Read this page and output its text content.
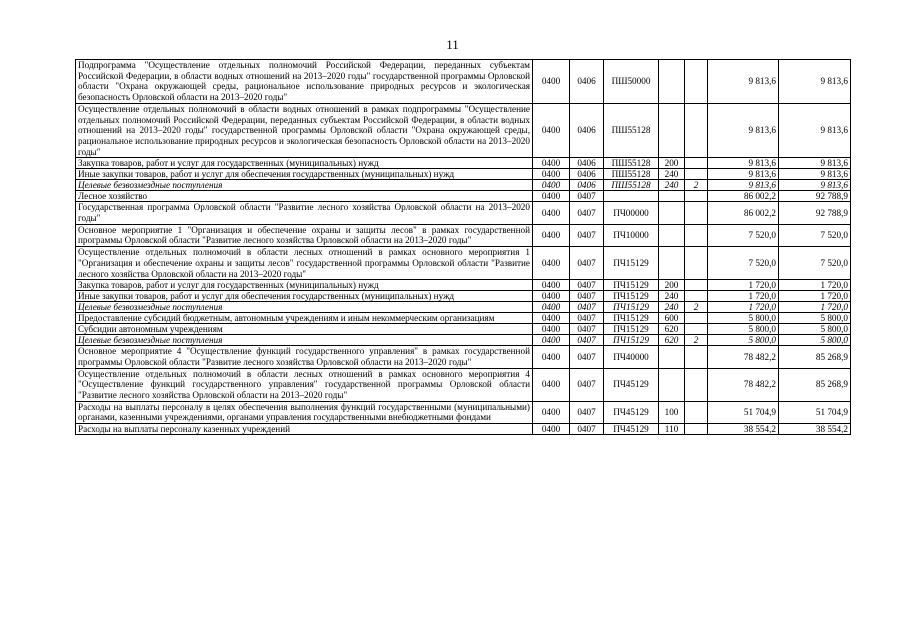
11
Подпрограмма "Осуществление отдельных полномочий Российской Федерации, переданных субъектам Российской Федерации, в области водных отношений на 2013–2020 годы" государственной программы Орловской области "Охрана окружающей среды, рациональное использование природных ресурсов и экологическая безопасность Орловской области на 2013–2020 годы"	0400	0406	ПШ50000			9 813,6	9 813,6
Осуществление отдельных полномочий в области водных отношений в рамках подпрограммы "Осуществление отдельных полномочий Российской Федерации, переданных субъектам Российской Федерации, в области водных отношений на 2013–2020 годы" государственной программы Орловской области "Охрана окружающей среды, рациональное использование природных ресурсов и экологическая безопасность Орловской области на 2013–2020 годы"	0400	0406	ПШ55128			9 813,6	9 813,6
Закупка товаров, работ и услуг для государственных (муниципальных) нужд	0400	0406	ПШ55128	200		9 813,6	9 813,6
Иные закупки товаров, работ и услуг для обеспечения государственных (муниципальных) нужд	0400	0406	ПШ55128	240		9 813,6	9 813,6
Целевые безвозмездные поступления	0400	0406	ПШ55128	240	2	9 813,6	9 813,6
Лесное хозяйство	0400	0407				86 002,2	92 788,9
Государственная программа Орловской области "Развитие лесного хозяйства Орловской области на 2013–2020 годы"	0400	0407	ПЧ00000			86 002,2	92 788,9
Основное мероприятие 1 "Организация и обеспечение охраны и защиты лесов" в рамках государственной программы Орловской области "Развитие лесного хозяйства Орловской области на 2013–2020 годы"	0400	0407	ПЧ10000			7 520,0	7 520,0
Осуществление отдельных полномочий в области лесных отношений в рамках основного мероприятия 1 "Организация и обеспечение охраны и защиты лесов" государственной программы Орловской области "Развитие лесного хозяйства Орловской области на 2013–2020 годы"	0400	0407	ПЧ15129			7 520,0	7 520,0
Закупка товаров, работ и услуг для государственных (муниципальных) нужд	0400	0407	ПЧ15129	200		1 720,0	1 720,0
Иные закупки товаров, работ и услуг для обеспечения государственных (муниципальных) нужд	0400	0407	ПЧ15129	240		1 720,0	1 720,0
Целевые безвозмездные поступления	0400	0407	ПЧ15129	240	2	1 720,0	1 720,0
Предоставление субсидий бюджетным, автономным учреждениям и иным некоммерческим организациям	0400	0407	ПЧ15129	600		5 800,0	5 800,0
Субсидии автономным учреждениям	0400	0407	ПЧ15129	620		5 800,0	5 800,0
Целевые безвозмездные поступления	0400	0407	ПЧ15129	620	2	5 800,0	5 800,0
Основное мероприятие 4 "Осуществление функций государственного управления" в рамках государственной программы Орловской области "Развитие лесного хозяйства Орловской области на 2013–2020 годы"	0400	0407	ПЧ40000			78 482,2	85 268,9
Осуществление отдельных полномочий в области лесных отношений в рамках основного мероприятия 4 "Осуществление функций государственного управления" государственной программы Орловской области "Развитие лесного хозяйства Орловской области на 2013–2020 годы"	0400	0407	ПЧ45129			78 482,2	85 268,9
Расходы на выплаты персоналу в целях обеспечения выполнения функций государственными (муниципальными) органами, казенными учреждениями, органами управления государственными внебюджетными фондами	0400	0407	ПЧ45129	100		51 704,9	51 704,9
Расходы на выплаты персоналу казенных учреждений	0400	0407	ПЧ45129	110		38 554,2	38 554,2
